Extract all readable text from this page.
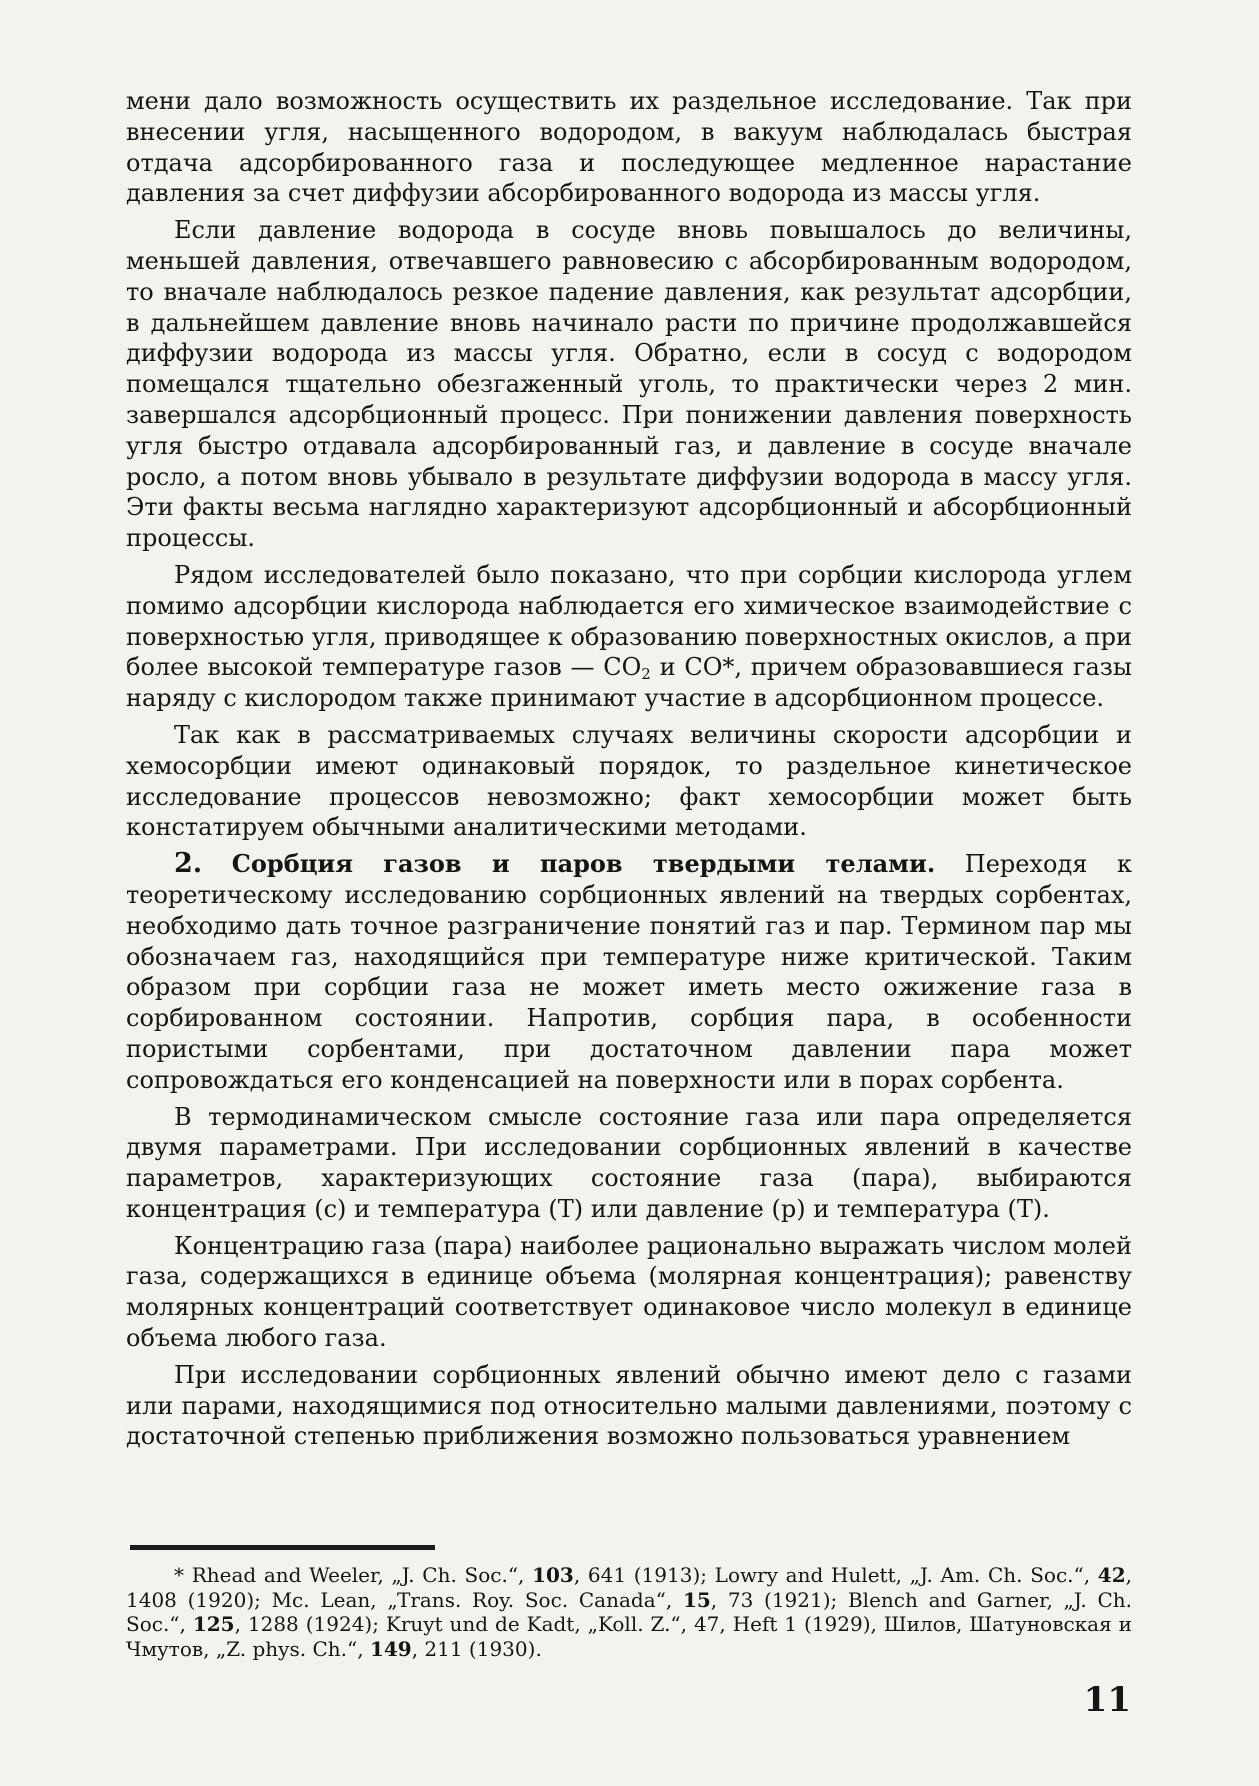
мени дало возможность осуществить их раздельное исследование. Так при внесении угля, насыщенного водородом, в вакуум наблюдалась быстрая отдача адсорбированного газа и последующее медленное нарастание давления за счет диффузии абсорбированного водорода из массы угля.

Если давление водорода в сосуде вновь повышалось до величины, меньшей давления, отвечавшего равновесию с абсорбированным водородом, то вначале наблюдалось резкое падение давления, как результат адсорбции, в дальнейшем давление вновь начинало расти по причине продолжавшейся диффузии водорода из массы угля. Обратно, если в сосуд с водородом помещался тщательно обезгаженный уголь, то практически через 2 мин. завершался адсорбционный процесс. При понижении давления поверхность угля быстро отдавала адсорбированный газ, и давление в сосуде вначале росло, а потом вновь убывало в результате диффузии водорода в массу угля. Эти факты весьма наглядно характеризуют адсорбционный и абсорбционный процессы.

Рядом исследователей было показано, что при сорбции кислорода углем помимо адсорбции кислорода наблюдается его химическое взаимодействие с поверхностью угля, приводящее к образованию поверхностных окислов, а при более высокой температуре газов — $CO_2$ и CO*, причем образовавшиеся газы наряду с кислородом также принимают участие в адсорбционном процессе.

Так как в рассматриваемых случаях величины скорости адсорбции и хемосорбции имеют одинаковый порядок, то раздельное кинетическое исследование процессов невозможно; факт хемосорбции может быть констатируем обычными аналитическими методами.

2. Сорбция газов и паров твердыми телами. Переходя к теоретическому исследованию сорбционных явлений на твердых сорбентах, необходимо дать точное разграничение понятий газ и пар. Термином пар мы обозначаем газ, находящийся при температуре ниже критической. Таким образом при сорбции газа не может иметь место ожижение газа в сорбированном состоянии. Напротив, сорбция пара, в особенности пористыми сорбентами, при достаточном давлении пара может сопровождаться его конденсацией на поверхности или в порах сорбента.

В термодинамическом смысле состояние газа или пара определяется двумя параметрами. При исследовании сорбционных явлений в качестве параметров, характеризующих состояние газа (пара), выбираются концентрация (c) и температура (T) или давление (p) и температура (T).

Концентрацию газа (пара) наиболее рационально выражать числом молей газа, содержащихся в единице объема (молярная концентрация); равенству молярных концентраций соответствует одинаковое число молекул в единице объема любого газа.

При исследовании сорбционных явлений обычно имеют дело с газами или парами, находящимися под относительно малыми давлениями, поэтому с достаточной степенью приближения возможно пользоваться уравнением

* Rhead and Weeler, „J. Ch. Soc.“, 103, 641 (1913); Lowry and Hulett, „J. Am. Ch. Soc.“, 42, 1408 (1920); Mc. Lean, „Trans. Roy. Soc. Canada“, 15, 73 (1921); Blench and Garner, „J. Ch. Soc.“, 125, 1288 (1924); Kruyt und de Kadt, „Koll. Z.“, 47, Heft 1 (1929), Шилов, Шатуновская и Чмутов, „Z. phys. Ch.“, 149, 211 (1930).

11
